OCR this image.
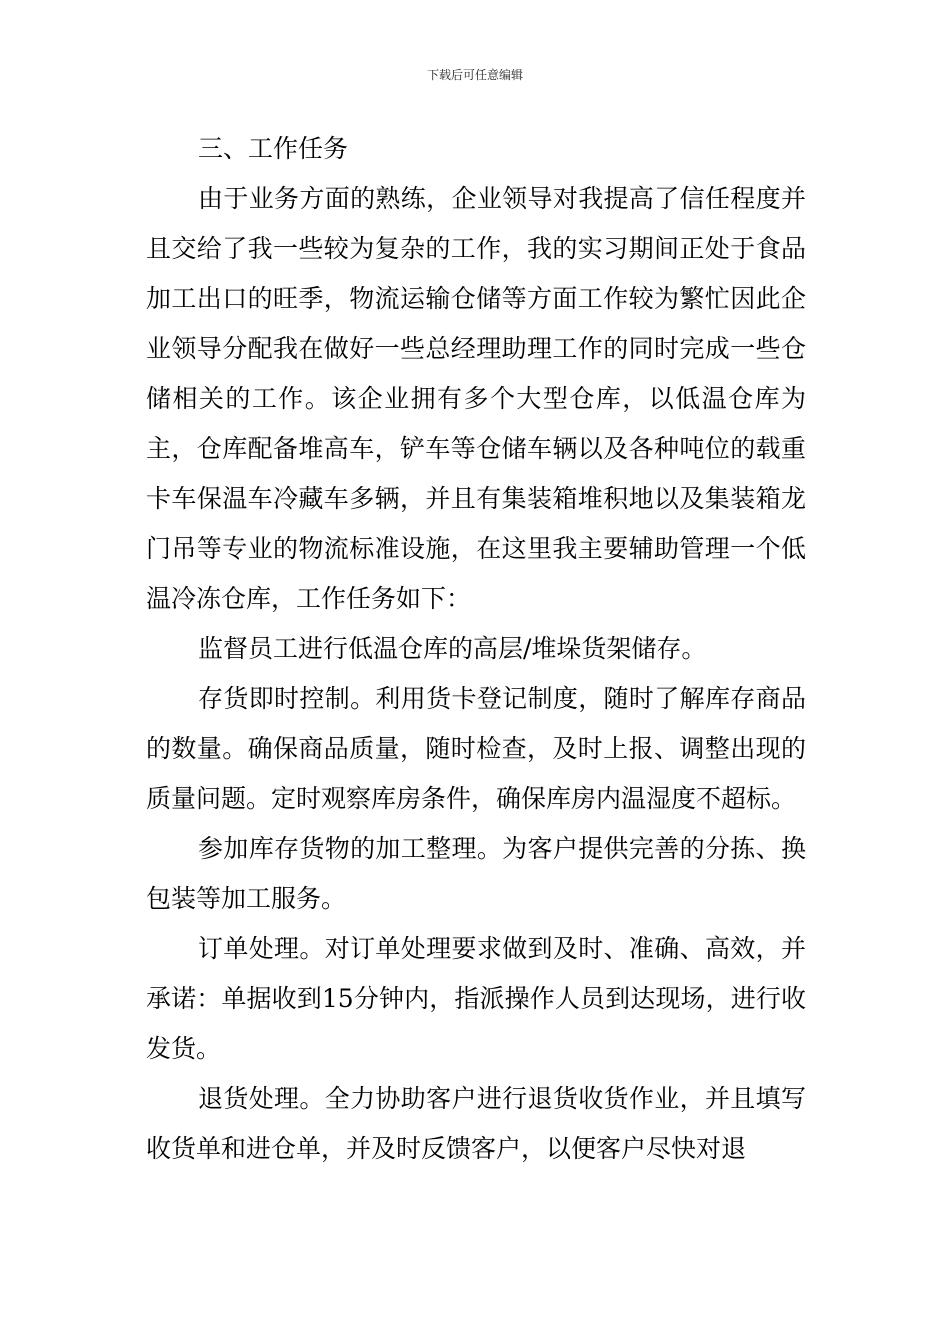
下载后可任意编辑

三、工作任务

由于业务方面的熟练，企业领导对我提高了信任程度并且交给了我一些较为复杂的工作，我的实习期间正处于食品加工出口的旺季，物流运输仓储等方面工作较为繁忙因此企业领导分配我在做好一些总经理助理工作的同时完成一些仓储相关的工作。该企业拥有多个大型仓库，以低温仓库为主，仓库配备堆高车，铲车等仓储车辆以及各种吨位的载重卡车保温车冷藏车多辆，并且有集装箱堆积地以及集装箱龙门吊等专业的物流标准设施，在这里我主要辅助管理一个低温冷冻仓库，工作任务如下：

监督员工进行低温仓库的高层/堆垛货架储存。

存货即时控制。利用货卡登记制度，随时了解库存商品的数量。确保商品质量，随时检查，及时上报、调整出现的质量问题。定时观察库房条件，确保库房内温湿度不超标。

参加库存货物的加工整理。为客户提供完善的分拣、换包装等加工服务。

订单处理。对订单处理要求做到及时、准确、高效，并承诺：单据收到15分钟内，指派操作人员到达现场，进行收发货。

退货处理。全力协助客户进行退货收货作业，并且填写收货单和进仓单，并及时反馈客户，以便客户尽快对退
